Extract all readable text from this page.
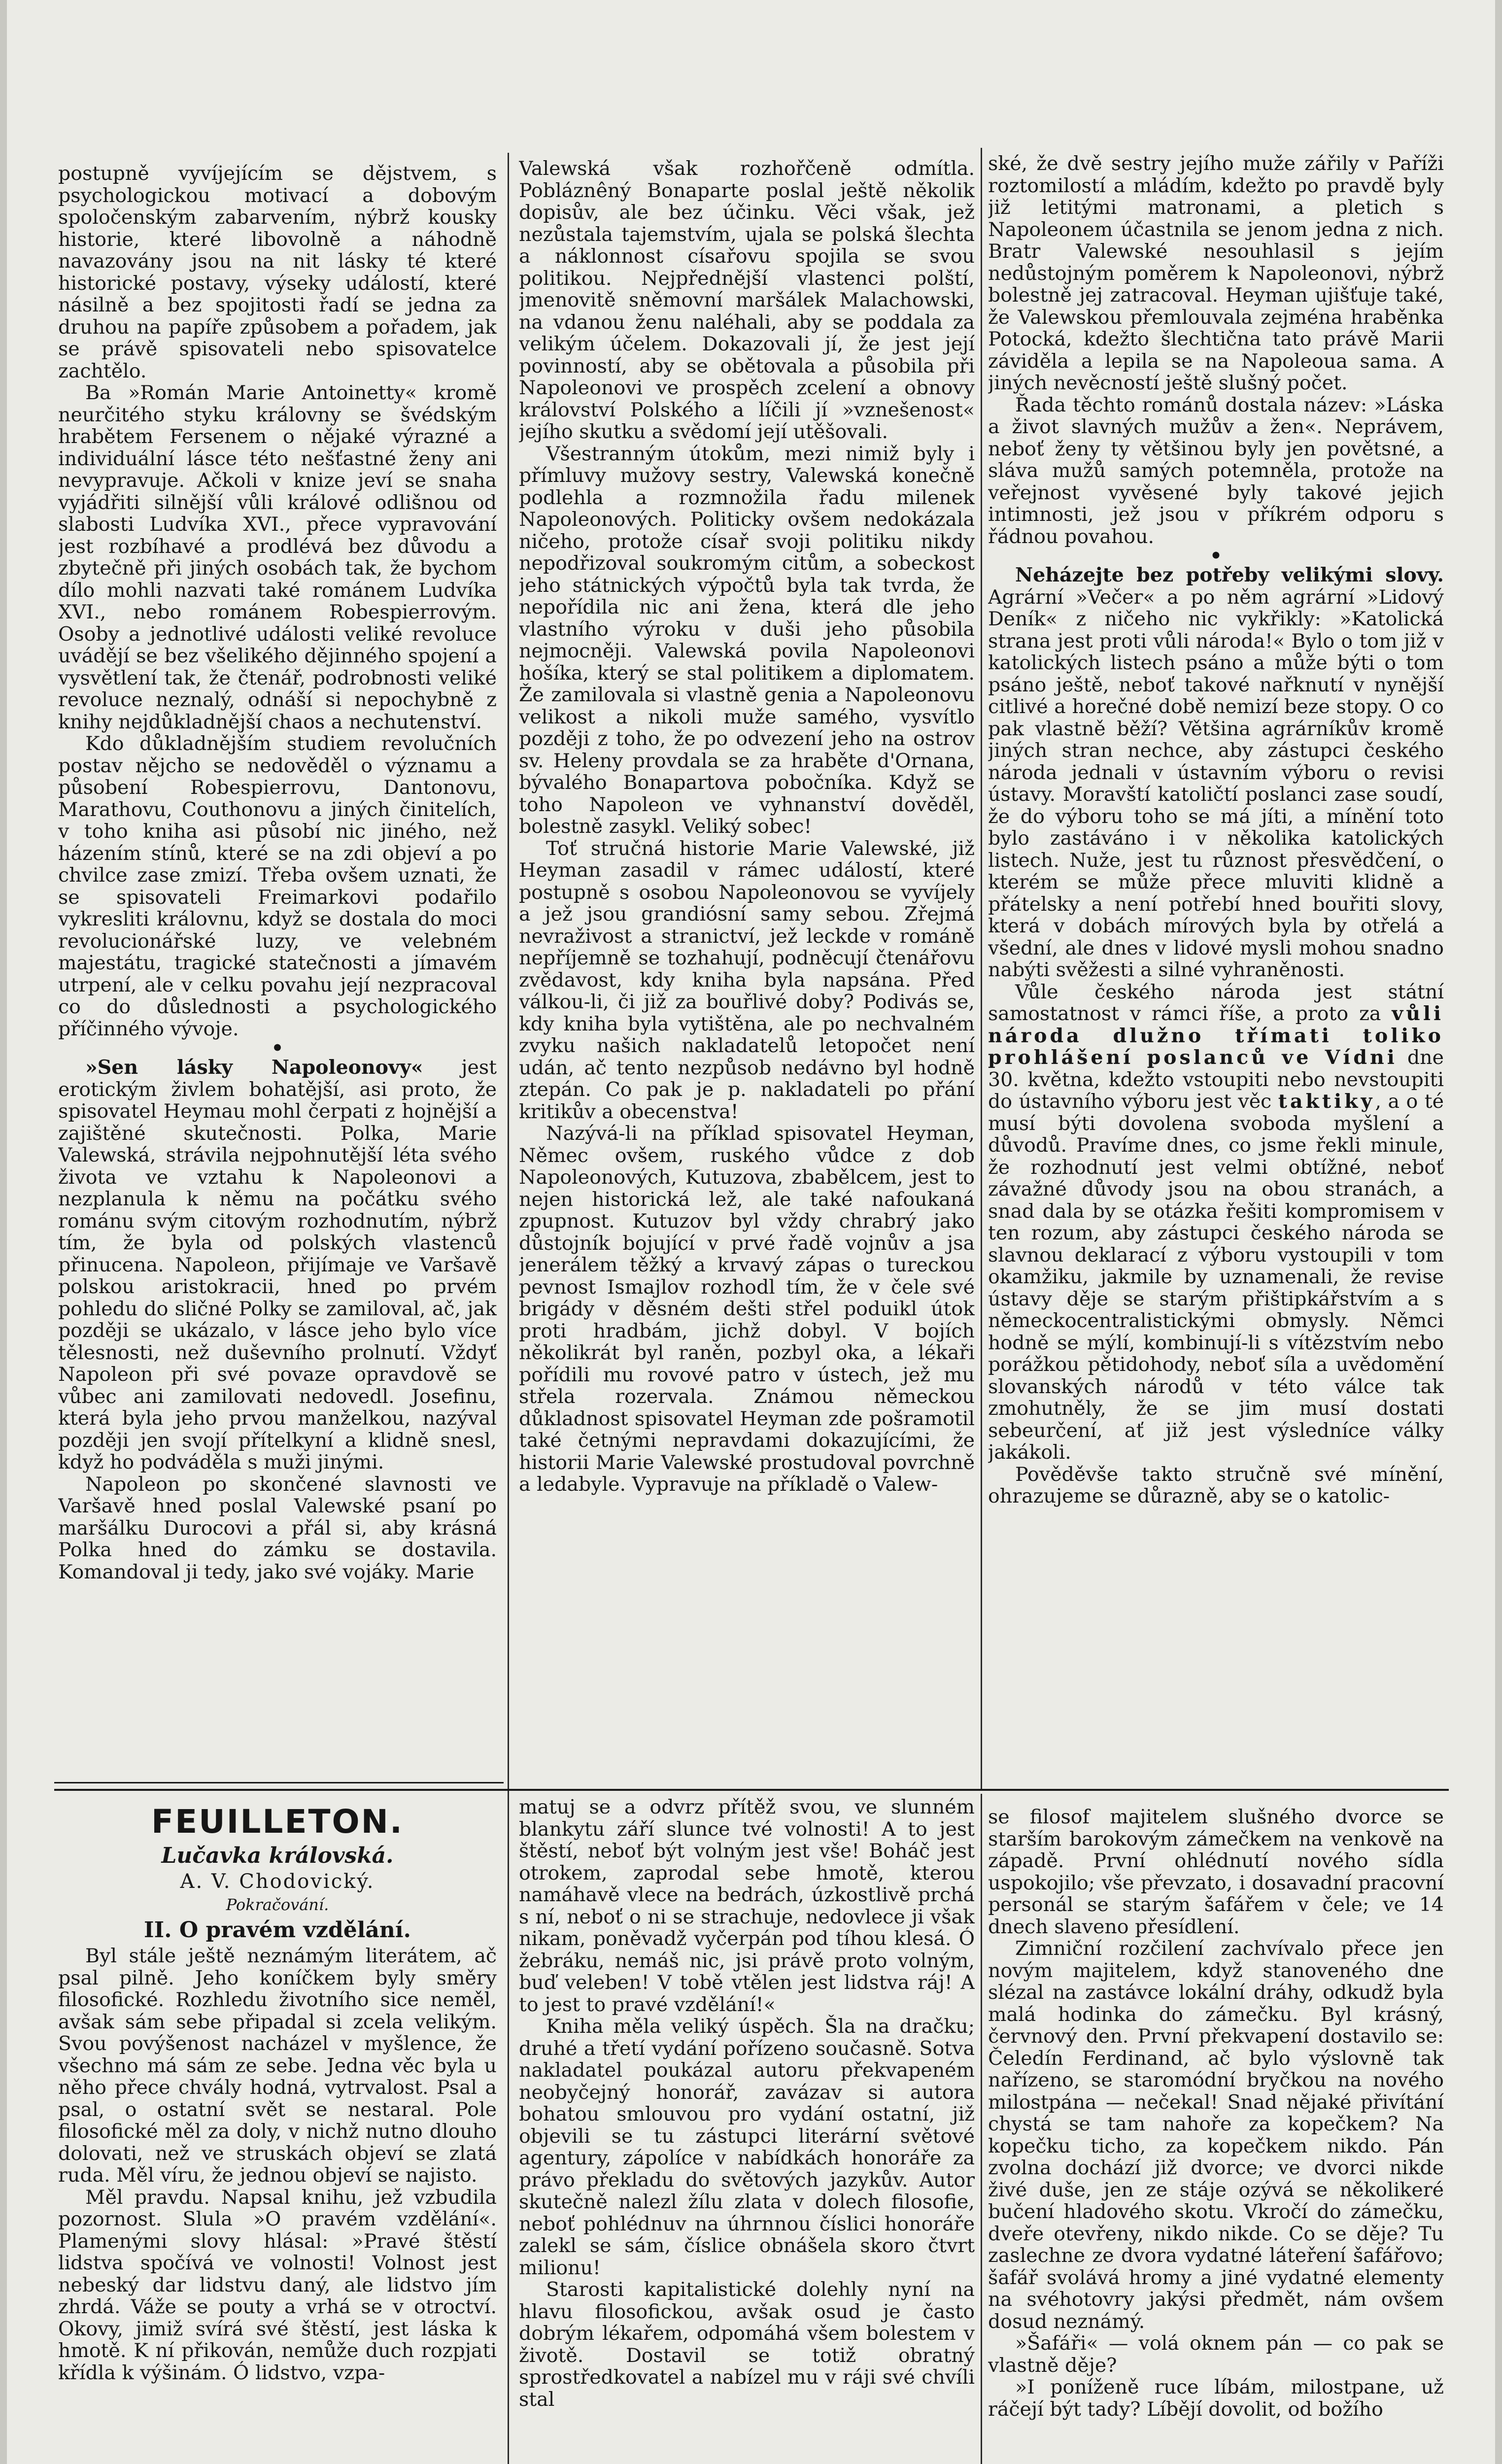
postupně vyvíjejícím se dějstvem, s psychologickou motivací a dobovým spoločenským zabarvením, nýbrž kousky historie, které libovolně a náhodně navazovány jsou na nit lásky té které historické postavy, výseky událostí, které násilně a bez spojitosti řadí se jedna za druhou na papíře způsobem a pořadem, jak se právě spisovateli nebo spisovatelce zachtělo.

Ba »Román Marie Antoinetty« kromě neurčitého styku královny se švédským hrabětem Fersenem o nějaké výrazné a individuální lásce této nešťastné ženy ani nevypravuje. Ačkoli v knize jeví se snaha vyjádřiti silnější vůli králové odlišnou od slabosti Ludvíka XVI., přece vypravování jest rozbíhavé a prodlévá bez důvodu a zbytečně při jiných osobách tak, že bychom dílo mohli nazvati také románem Ludvíka XVI., nebo románem Robespierrovým. Osoby a jednotlivé události veliké revoluce uvádějí se bez všelikého dějinného spojení a vysvětlení tak, že čtenář, podrobnosti veliké revoluce neznalý, odnáší si nepochybně z knihy nejdůkladnější chaos a nechutenství.

Kdo důkladnějším studiem revolučních postav nějcho se nedověděl o významu a působení Robespierrovu, Dantonovu, Marathovu, Couthonovu a jiných činitelích, v toho kniha asi působí nic jiného, než házením stínů, které se na zdi objeví a po chvilce zase zmizí. Třeba ovšem uznati, že se spisovateli Freimarkovi podařilo vykresliti královnu, když se dostala do moci revolucionářské luzy, ve velebném majestátu, tragické statečnosti a jímavém utrpení, ale v celku povahu její nezpracoval co do důslednosti a psychologického příčinného vývoje.

•

»Sen lásky Napoleonovy« jest erotickým živlem bohatější, asi proto, že spisovatel Heymau mohl čerpati z hojnější a zajištěné skutečnosti. Polka, Marie Valewská, strávila nejpohnutější léta svého života ve vztahu k Napoleonovi a nezplanula k němu na počátku svého románu svým citovým rozhodnutím, nýbrž tím, že byla od polských vlastenců přinucena. Napoleon, přijímaje ve Varšavě polskou aristokracii, hned po prvém pohledu do sličné Polky se zamiloval, ač, jak později se ukázalo, v lásce jeho bylo více tělesnosti, než duševního prolnutí. Vždyť Napoleon při své povaze opravdově se vůbec ani zamilovati nedovedl. Josefinu, která byla jeho prvou manželkou, nazýval později jen svojí přítelkyní a klidně snesl, když ho podváděla s muži jinými.

Napoleon po skončené slavnosti ve Varšavě hned poslal Valewské psaní po maršálku Durocovi a přál si, aby krásná Polka hned do zámku se dostavila. Komandoval ji tedy, jako své vojáky. Marie

Valewská však rozhořčeně odmítla. Pobláznêný Bonaparte poslal ještě několik dopisův, ale bez účinku. Věci však, jež nezůstala tajemstvím, ujala se polská šlechta a náklonnost císařovu spojila se svou politikou. Nejpřednější vlastenci polští, jmenovitě sněmovní maršálek Malachowski, na vdanou ženu naléhali, aby se poddala za velikým účelem. Dokazovali jí, že jest její povinností, aby se obětovala a působila při Napoleonovi ve prospěch zcelení a obnovy království Polského a líčili jí »vznešenost« jejího skutku a svědomí její utěšovali.

Všestranným útokům, mezi nimiž byly i přímluvy mužovy sestry, Valewská konečně podlehla a rozmnožila řadu milenek Napoleonových. Politicky ovšem nedokázala ničeho, protože císař svoji politiku nikdy nepodřizoval soukromým citům, a sobeckost jeho státnických výpočtů byla tak tvrda, že nepořídila nic ani žena, která dle jeho vlastního výroku v duši jeho působila nejmocněji. Valewská povila Napoleonovi hošíka, který se stal politikem a diplomatem. Že zamilovala si vlastně genia a Napoleonovu velikost a nikoli muže samého, vysvítlo později z toho, že po odvezení jeho na ostrov sv. Heleny provdala se za hraběte d'Ornana, bývalého Bonapartova pobočníka. Když se toho Napoleon ve vyhnanství dověděl, bolestně zasykl. Veliký sobec!

Toť stručná historie Marie Valewské, již Heyman zasadil v rámec událostí, které postupně s osobou Napoleonovou se vyvíjely a jež jsou grandiósní samy sebou. Zřejmá nevraživost a stranictví, jež leckde v románě nepříjemně se tozhahují, podněcují čtenářovu zvědavost, kdy kniha byla napsána. Před válkou-li, či již za bouřlivé doby? Podivás se, kdy kniha byla vytištěna, ale po nechvalném zvyku našich nakladatelů letopočet není udán, ač tento nezpůsob nedávno byl hodně ztepán. Co pak je p. nakladateli po přání kritikův a obecenstva!

Nazývá-li na příklad spisovatel Heyman, Němec ovšem, ruského vůdce z dob Napoleonových, Kutuzova, zbabělcem, jest to nejen historická lež, ale také nafoukaná zpupnost. Kutuzov byl vždy chrabrý jako důstojník bojující v prvé řadě vojnův a jsa jenerálem těžký a krvavý zápas o tureckou pevnost Ismajlov rozhodl tím, že v čele své brigády v děsném dešti střel poduikl útok proti hradbám, jichž dobyl. V bojích několikrát byl raněn, pozbyl oka, a lékaři pořídili mu rovové patro v ústech, jež mu střela rozervala. Známou německou důkladnost spisovatel Heyman zde pošramotil také četnými nepravdami dokazujícími, že historii Marie Valewské prostudoval povrchně a ledabyle. Vypravuje na příkladě o Valew-

ské, že dvě sestry jejího muže zářily v Paříži roztomilostí a mládím, kdežto po pravdě byly již letitými matronami, a pletich s Napoleonem účastnila se jenom jedna z nich. Bratr Valewské nesouhlasil s jejím nedůstojným poměrem k Napoleonovi, nýbrž bolestně jej zatracoval. Heyman ujišťuje také, že Valewskou přemlouvala zejména hraběnka Potocká, kdežto šlechtična tato právě Marii záviděla a lepila se na Napoleoua sama. A jiných nevěcností ještě slušný počet.

Řada těchto románů dostala název: »Láska a život slavných mužův a žen«. Neprávem, neboť ženy ty většinou byly jen povětsné, a sláva mužů samých potemněla, protože na veřejnost vyvěsené byly takové jejich intimnosti, jež jsou v příkrém odporu s řádnou povahou.

•

Neházejte bez potřeby velikými slovy. Agrární »Večer« a po něm agrární »Lidový Deník« z ničeho nic vykřikly: »Katolická strana jest proti vůli národa!« Bylo o tom již v katolických listech psáno a může býti o tom psáno ještě, neboť takové nařknutí v nynější citlivé a horečné době nemizí beze stopy. O co pak vlastně běží? Většina agrárníkův kromě jiných stran nechce, aby zástupci českého národa jednali v ústavním výboru o revisi ústavy. Moravští katoličtí poslanci zase soudí, že do výboru toho se má jíti, a mínění toto bylo zastáváno i v několika katolických listech. Nuže, jest tu různost přesvědčení, o kterém se může přece mluviti klidně a přátelsky a není potřebí hned bouřiti slovy, která v dobách mírových byla by otřelá a všední, ale dnes v lidové mysli mohou snadno nabýti svěžesti a silné vyhraněnosti.

Vůle českého národa jest státní samostatnost v rámci říše, a proto za vůli národa dlužno třímati toliko prohlášení poslanců ve Vídni dne 30. května, kdežto vstoupiti nebo nevstoupiti do ústavního výboru jest věc taktiky, a o té musí býti dovolena svoboda myšlení a důvodů. Pravíme dnes, co jsme řekli minule, že rozhodnutí jest velmi obtížné, neboť závažné důvody jsou na obou stranách, a snad dala by se otázka řešiti kompromisem v ten rozum, aby zástupci českého národa se slavnou deklarací z výboru vystoupili v tom okamžiku, jakmile by uznamenali, že revise ústavy děje se starým přištipkářstvím a s německocentralistickými obmysly. Němci hodně se mýlí, kombinují-li s vítězstvím nebo porážkou pětidohody, neboť síla a uvědomění slovanských národů v této válce tak zmohutněly, že se jim musí dostati sebeurčení, ať již jest výsledníce války jakákoli.

Pověděvše takto stručně své mínění, ohrazujeme se důrazně, aby se o katolic-

FEUILLETON.

Lučavka královská.

A. V. Chodovický.

Pokračování.

II. O pravém vzdělání.

Byl stále ještě neznámým literátem, ač psal pilně. Jeho koníčkem byly směry filosofické. Rozhledu životního sice neměl, avšak sám sebe připadal si zcela velikým. Svou povýšenost nacházel v myšlence, že všechno má sám ze sebe. Jedna věc byla u něho přece chvály hodná, vytrvalost. Psal a psal, o ostatní svět se nestaral. Pole filosofické měl za doly, v nichž nutno dlouho dolovati, než ve struskách objeví se zlatá ruda. Měl víru, že jednou objeví se najisto.

Měl pravdu. Napsal knihu, jež vzbudila pozornost. Slula »O pravém vzdělání«. Plamenými slovy hlásal: »Pravé štěstí lidstva spočívá ve volnosti! Volnost jest nebeský dar lidstvu daný, ale lidstvo jím zhrdá. Váže se pouty a vrhá se v otroctví. Okovy, jimiž svírá své štěstí, jest láska k hmotě. K ní přikován, nemůže duch rozpjati křídla k výšinám. Ó lidstvo, vzpa-

matuj se a odvrz přítěž svou, ve slunném blankytu září slunce tvé volnosti! A to jest štěstí, neboť být volným jest vše! Boháč jest otrokem, zaprodal sebe hmotě, kterou namáhavě vlece na bedrách, úzkostlivě prchá s ní, neboť o ni se strachuje, nedovlece ji však nikam, poněvadž vyčerpán pod tíhou klesá. Ó žebráku, nemáš nic, jsi právě proto volným, buď veleben! V tobě vtělen jest lidstva ráj! A to jest to pravé vzdělání!«

Kniha měla veliký úspěch. Šla na dračku; druhé a třetí vydání pořízeno současně. Sotva nakladatel poukázal autoru překvapeném neobyčejný honorář, zavázav si autora bohatou smlouvou pro vydání ostatní, již objevili se tu zástupci literární světové agentury, zápolíce v nabídkách honoráře za právo překladu do světových jazykův. Autor skutečně nalezl žílu zlata v dolech filosofie, neboť pohlédnuv na úhrnnou číslici honoráře zalekl se sám, číslice obnášela skoro čtvrt milionu!

Starosti kapitalistické dolehly nyní na hlavu filosofickou, avšak osud je často dobrým lékařem, odpomáhá všem bolestem v životě. Dostavil se totiž obratný sprostředkovatel a nabízel mu v ráji své chvíli stal

se filosof majitelem slušného dvorce se starším barokovým zámečkem na venkově na západě. První ohlédnutí nového sídla uspokojilo; vše převzato, i dosavadní pracovní personál se starým šafářem v čele; ve 14 dnech slaveno přesídlení.

Zimniční rozčilení zachvívalo přece jen novým majitelem, když stanoveného dne slézal na zastávce lokální dráhy, odkudž byla malá hodinka do zámečku. Byl krásný, červnový den. První překvapení dostavilo se: Čeledín Ferdinand, ač bylo výslovně tak nařízeno, se staromódní bryčkou na nového milostpána — nečekal! Snad nějaké přivítání chystá se tam nahoře za kopečkem? Na kopečku ticho, za kopečkem nikdo. Pán zvolna dochází již dvorce; ve dvorci nikde živé duše, jen ze stáje ozývá se několikeré bučení hladového skotu. Vkročí do zámečku, dveře otevřeny, nikdo nikde. Co se děje? Tu zaslechne ze dvora vydatné láteření šafářovo; šafář svolává hromy a jiné vydatné elementy na svéhotovry jakýsi předmět, nám ovšem dosud neznámý.

»Šafáři« — volá oknem pán — co pak se vlastně děje?

»I poníženě ruce líbám, milostpane, už ráčejí být tady? Líbějí dovolit, od božího
